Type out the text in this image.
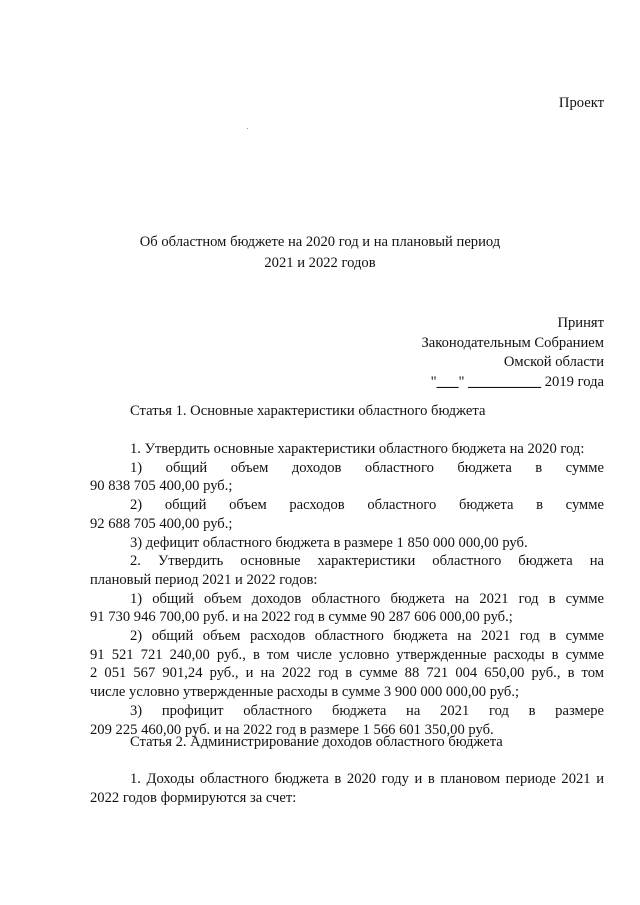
Проект
Об областном бюджете на 2020 год и на плановый период
2021 и 2022 годов
Принят
Законодательным Собранием
Омской области
"___" __________ 2019 года
Статья 1. Основные характеристики областного бюджета
1. Утвердить основные характеристики областного бюджета на 2020 год:
1) общий объем доходов областного бюджета в сумме
90 838 705 400,00 руб.;
2) общий объем расходов областного бюджета в сумме
92 688 705 400,00 руб.;
3) дефицит областного бюджета в размере 1 850 000 000,00 руб.
2. Утвердить основные характеристики областного бюджета на
плановый период 2021 и 2022 годов:
1) общий объем доходов областного бюджета на 2021 год в сумме
91 730 946 700,00 руб. и на 2022 год в сумме 90 287 606 000,00 руб.;
2) общий объем расходов областного бюджета на 2021 год в сумме
91 521 721 240,00 руб., в том числе условно утвержденные расходы в сумме
2 051 567 901,24 руб., и на 2022 год в сумме 88 721 004 650,00 руб., в том
числе условно утвержденные расходы в сумме 3 900 000 000,00 руб.;
3) профицит областного бюджета на 2021 год в размере
209 225 460,00 руб. и на 2022 год в размере 1 566 601 350,00 руб.
Статья 2. Администрирование доходов областного бюджета
1. Доходы областного бюджета в 2020 году и в плановом периоде 2021 и
2022 годов формируются за счет:
